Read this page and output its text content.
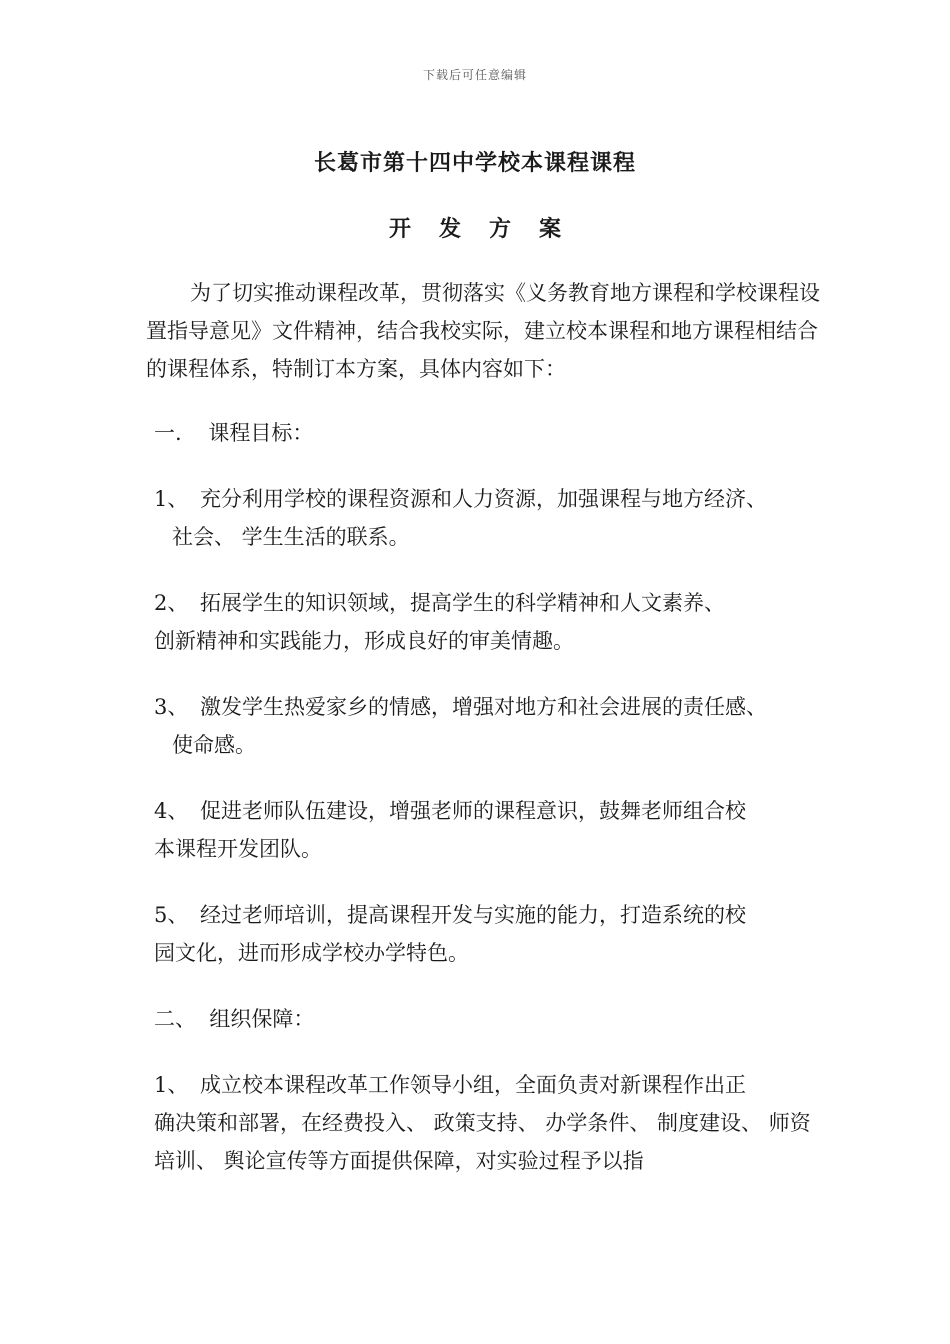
下载后可任意编辑
长葛市第十四中学校本课程课程
开 发 方 案

为了切实推动课程改革，贯彻落实《义务教育地方课程和学校课程设置指导意见》文件精神，结合我校实际，建立校本课程和地方课程相结合的课程体系，特制订本方案，具体内容如下：

一. 课程目标：

1、 充分利用学校的课程资源和人力资源，加强课程与地方经济、
社会、 学生生活的联系。
2、 拓展学生的知识领域，提高学生的科学精神和人文素养、
创新精神和实践能力，形成良好的审美情趣。
3、 激发学生热爱家乡的情感，增强对地方和社会进展的责任感、
使命感。
4、 促进老师队伍建设，增强老师的课程意识，鼓舞老师组合校
本课程开发团队。
5、 经过老师培训，提高课程开发与实施的能力，打造系统的校
园文化，进而形成学校办学特色。

二、 组织保障：

1、 成立校本课程改革工作领导小组，全面负责对新课程作出正
确决策和部署，在经费投入、 政策支持、 办学条件、 制度建设、 师资培训、 舆论宣传等方面提供保障，对实验过程予以指
